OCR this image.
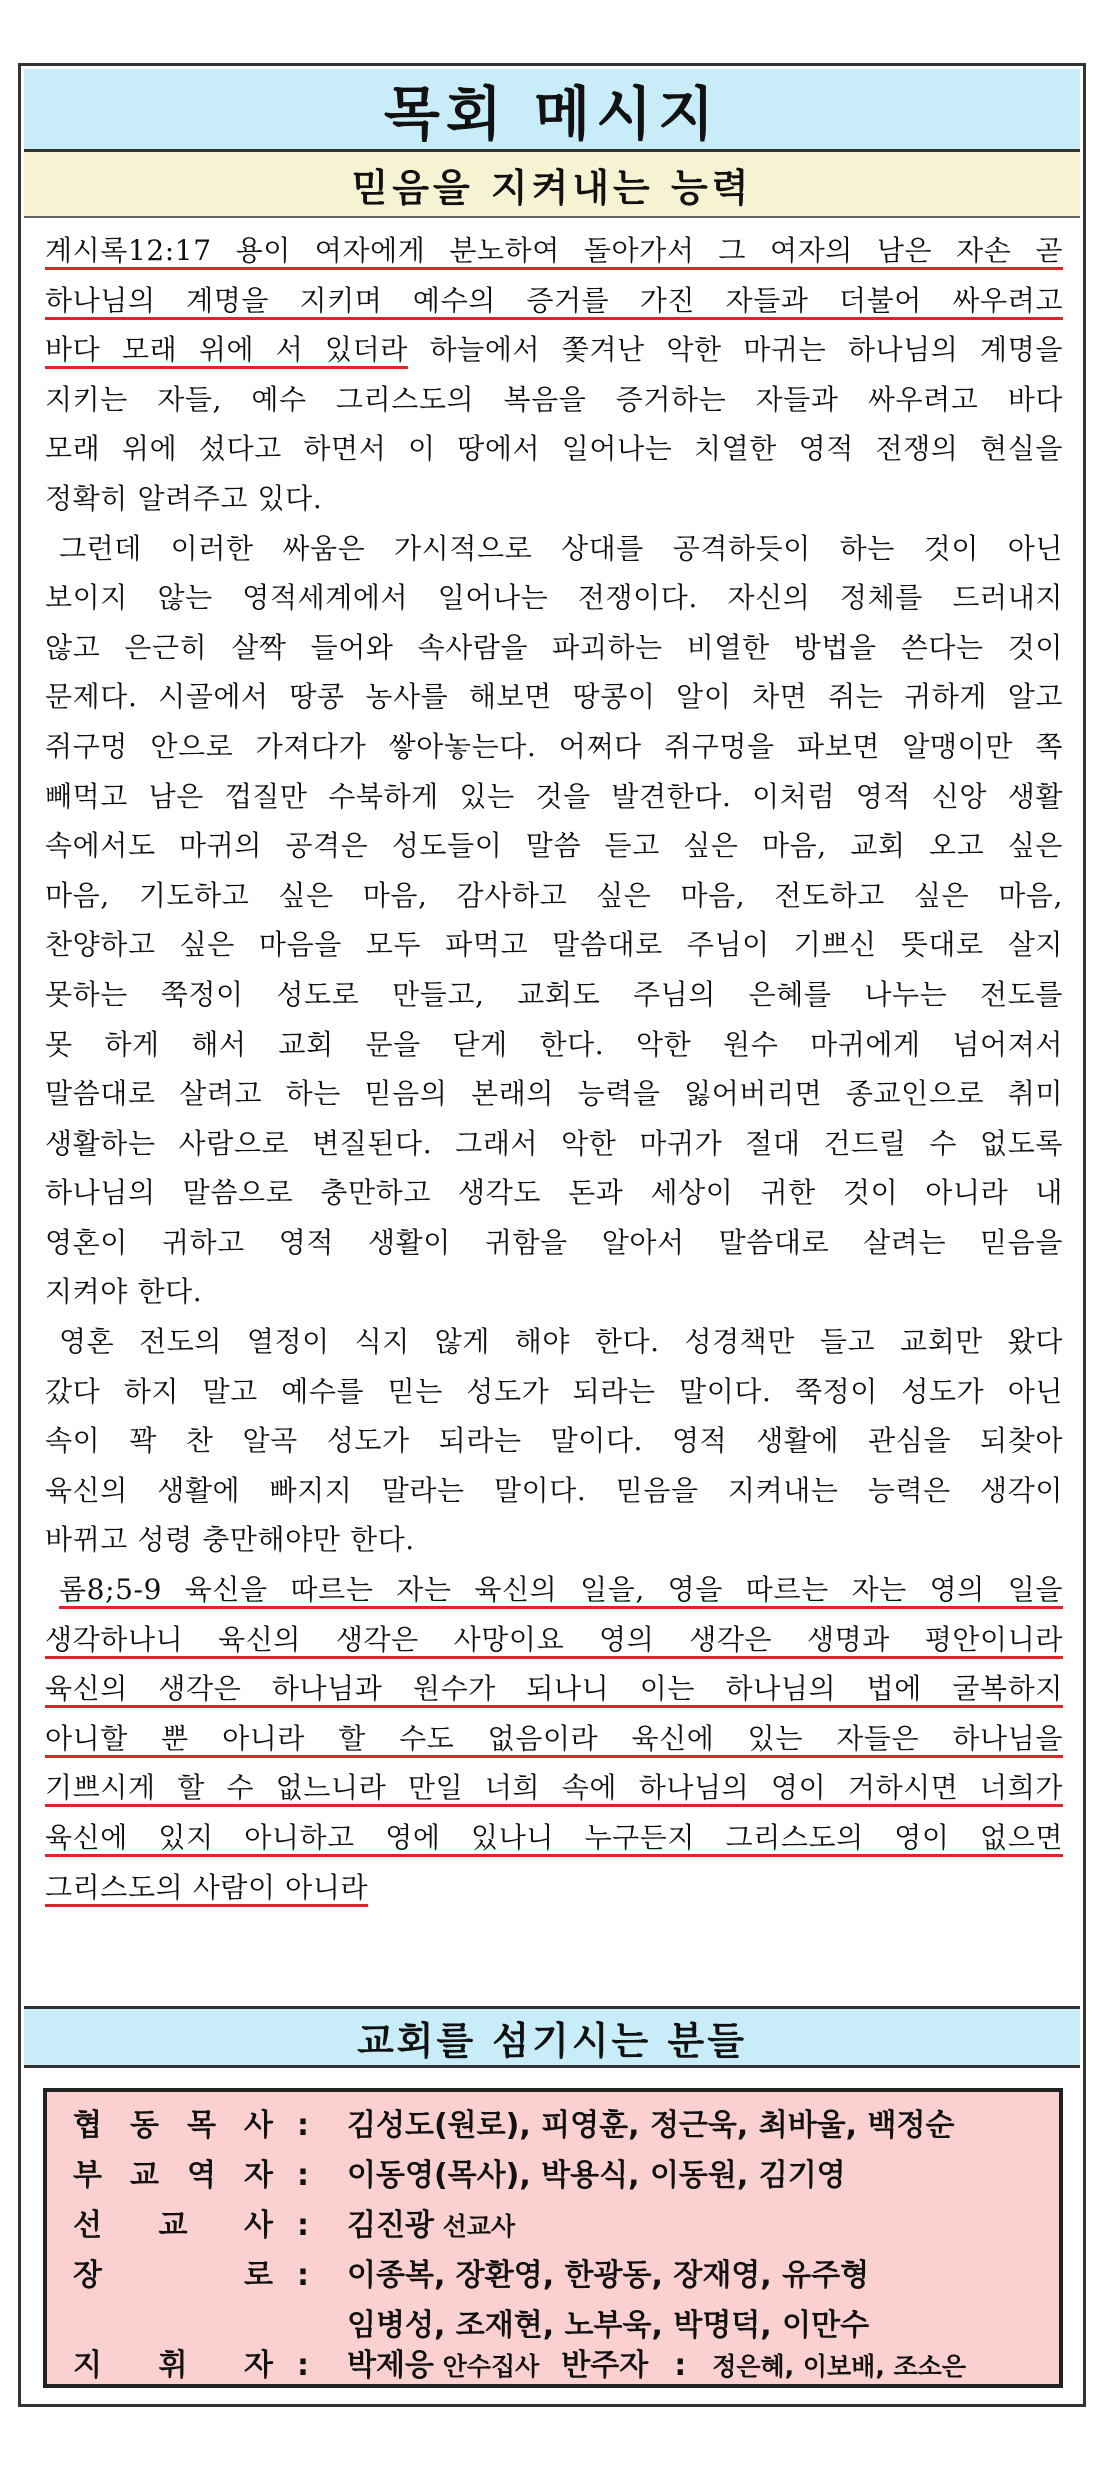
목회 메시지
믿음을 지켜내는 능력
계시록12:17 용이 여자에게 분노하여 돌아가서 그 여자의 남은 자손 곧
하나님의 계명을 지키며 예수의 증거를 가진 자들과 더불어 싸우려고
바다 모래 위에 서 있더라 하늘에서 쫓겨난 악한 마귀는 하나님의 계명을
지키는 자들, 예수 그리스도의 복음을 증거하는 자들과 싸우려고 바다
모래 위에 섰다고 하면서 이 땅에서 일어나는 치열한 영적 전쟁의 현실을
정확히 알려주고 있다.
그런데 이러한 싸움은 가시적으로 상대를 공격하듯이 하는 것이 아닌
보이지 않는 영적세계에서 일어나는 전쟁이다. 자신의 정체를 드러내지
않고 은근히 살짝 들어와 속사람을 파괴하는 비열한 방법을 쓴다는 것이
문제다. 시골에서 땅콩 농사를 해보면 땅콩이 알이 차면 쥐는 귀하게 알고
쥐구멍 안으로 가져다가 쌓아놓는다. 어쩌다 쥐구멍을 파보면 알맹이만 쪽
빼먹고 남은 껍질만 수북하게 있는 것을 발견한다. 이처럼 영적 신앙 생활
속에서도 마귀의 공격은 성도들이 말씀 듣고 싶은 마음, 교회 오고 싶은
마음, 기도하고 싶은 마음, 감사하고 싶은 마음, 전도하고 싶은 마음,
찬양하고 싶은 마음을 모두 파먹고 말씀대로 주님이 기쁘신 뜻대로 살지
못하는 쭉정이 성도로 만들고, 교회도 주님의 은혜를 나누는 전도를
못 하게 해서 교회 문을 닫게 한다. 악한 원수 마귀에게 넘어져서
말씀대로 살려고 하는 믿음의 본래의 능력을 잃어버리면 종교인으로 취미
생활하는 사람으로 변질된다. 그래서 악한 마귀가 절대 건드릴 수 없도록
하나님의 말씀으로 충만하고 생각도 돈과 세상이 귀한 것이 아니라 내
영혼이 귀하고 영적 생활이 귀함을 알아서 말씀대로 살려는 믿음을
지켜야 한다.
영혼 전도의 열정이 식지 않게 해야 한다. 성경책만 들고 교회만 왔다
갔다 하지 말고 예수를 믿는 성도가 되라는 말이다. 쭉정이 성도가 아닌
속이 꽉 찬 알곡 성도가 되라는 말이다. 영적 생활에 관심을 되찾아
육신의 생활에 빠지지 말라는 말이다. 믿음을 지켜내는 능력은 생각이
바뀌고 성령 충만해야만 한다.
롬8;5-9 육신을 따르는 자는 육신의 일을, 영을 따르는 자는 영의 일을
생각하나니 육신의 생각은 사망이요 영의 생각은 생명과 평안이니라
육신의 생각은 하나님과 원수가 되나니 이는 하나님의 법에 굴복하지
아니할 뿐 아니라 할 수도 없음이라 육신에 있는 자들은 하나님을
기쁘시게 할 수 없느니라 만일 너희 속에 하나님의 영이 거하시면 너희가
육신에 있지 아니하고 영에 있나니 누구든지 그리스도의 영이 없으면
그리스도의 사람이 아니라
교회를 섬기시는 분들
협 동 목 사 : 김성도(원로), 피영훈, 정근욱, 최바울, 백정순
부 교 역 자 : 이동영(목사), 박용식, 이동원, 김기영
선 교 사 : 김진광 선교사
장	로 : 이종복, 장환영, 한광동, 장재영, 유주형
임병성, 조재현, 노부욱, 박명덕, 이만수
지 휘 자 : 박제응 안수집사 반주자 : 정은혜, 이보배, 조소은
